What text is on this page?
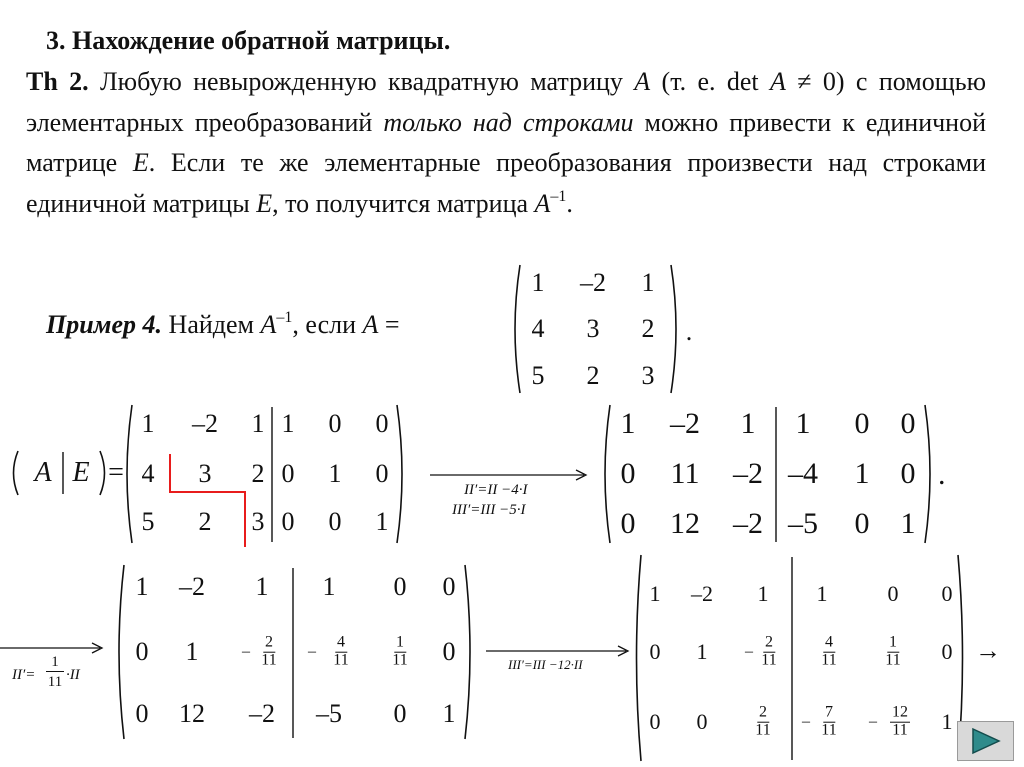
3. Нахождение обратной матрицы.

Th 2. Любую невырожденную квадратную матрицу A (т. е. det A ≠ 0) с помощью элементарных преобразований только над строками можно привести к единичной матрице E. Если те же элементарные преобразования произвести над строками единичной матрицы E, то получится матрица $A^{-1}$.

Пример 4. Найдем $A^{-1}$, если A =
1 –2 1
4 3 2
5 2 3
.
A E =
1 –2 1 1 0 0
4 3 2 0 1 0
5 2 3 0 0 1
II′=II −4·I
III′=III −5·I
1 –2 1 1 0 0
0 11 –2 –4 1 0
0 12 –2 –5 0 1
.
II′=
1
11 ·II
1 –2 1 1 0 0
0 1	– $\frac{2}{11} - \frac{4}{11}$	$\frac{1}{11} 0$
0 12 –2 –5 0 1
III′=III −12·II
1 –2 1 1	0 0
0 $1 - \frac{2}{11}$	$\frac{4}{11}$	$\frac{1}{11} 0$
0 0	$\frac{2}{11} - \frac{7}{11} - \frac{12}{11} 1$
→
